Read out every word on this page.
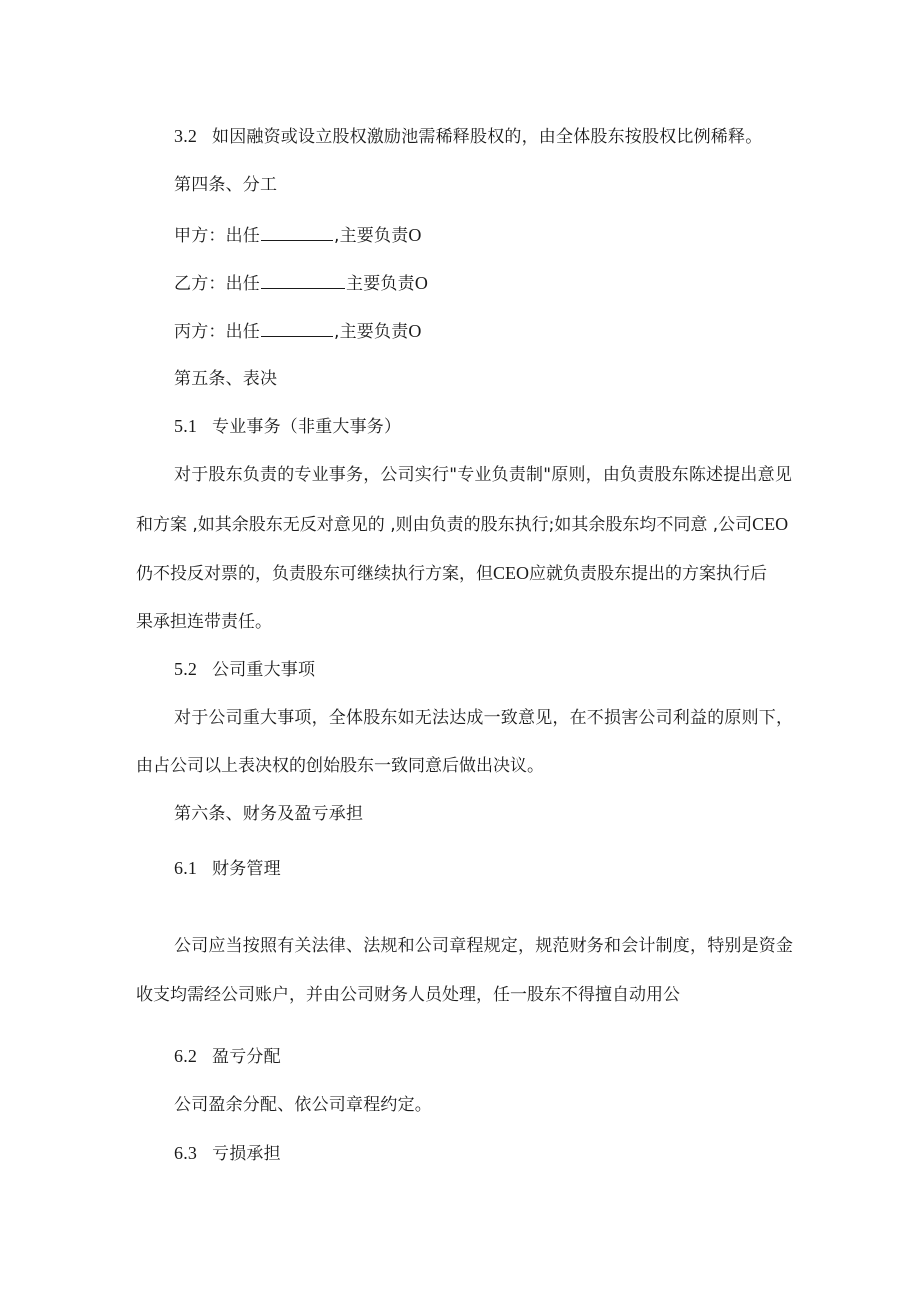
3.2 如因融资或设立股权激励池需稀释股权的，由全体股东按股权比例稀释。
第四条、分工
甲方：出任	,主要负责O
乙方：出任	主要负责O
丙方：出任	,主要负责O
第五条、表决
5.1 专业事务（非重大事务）
对于股东负责的专业事务，公司实行"专业负责制"原则，由负责股东陈述提出意见
和方案 ,如其余股东无反对意见的 ,则由负责的股东执行;如其余股东均不同意 ,公司CEO
仍不投反对票的，负责股东可继续执行方案，但CEO应就负责股东提出的方案执行后
果承担连带责任。
5.2 公司重大事项
对于公司重大事项，全体股东如无法达成一致意见，在不损害公司利益的原则下，
由占公司以上表决权的创始股东一致同意后做出决议。
第六条、财务及盈亏承担
6.1 财务管理
公司应当按照有关法律、法规和公司章程规定，规范财务和会计制度，特别是资金
收支均需经公司账户，并由公司财务人员处理，任一股东不得擅自动用公
6.2 盈亏分配
公司盈余分配、依公司章程约定。
6.3 亏损承担
